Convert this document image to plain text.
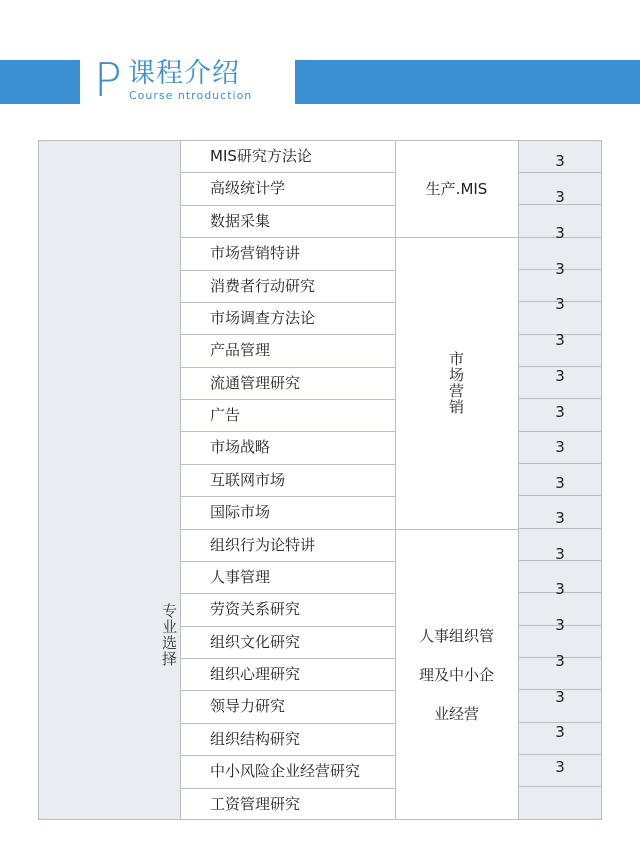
P 课程介绍
Course ntroduction
专业选择
生产.MIS
市场营销
人事组织管
理及中小企
业经营
MIS研究方法论
高级统计学
数据采集
市场营销特讲
消费者行动研究
市场调查方法论
产品管理
流通管理研究
广告
市场战略
互联网市场
国际市场
组织行为论特讲
人事管理
劳资关系研究
组织文化研究
组织心理研究
领导力研究
组织结构研究
中小风险企业经营研究
工资管理研究
3
3
3
3
3
3
3
3
3
3
3
3
3
3
3
3
3
3
